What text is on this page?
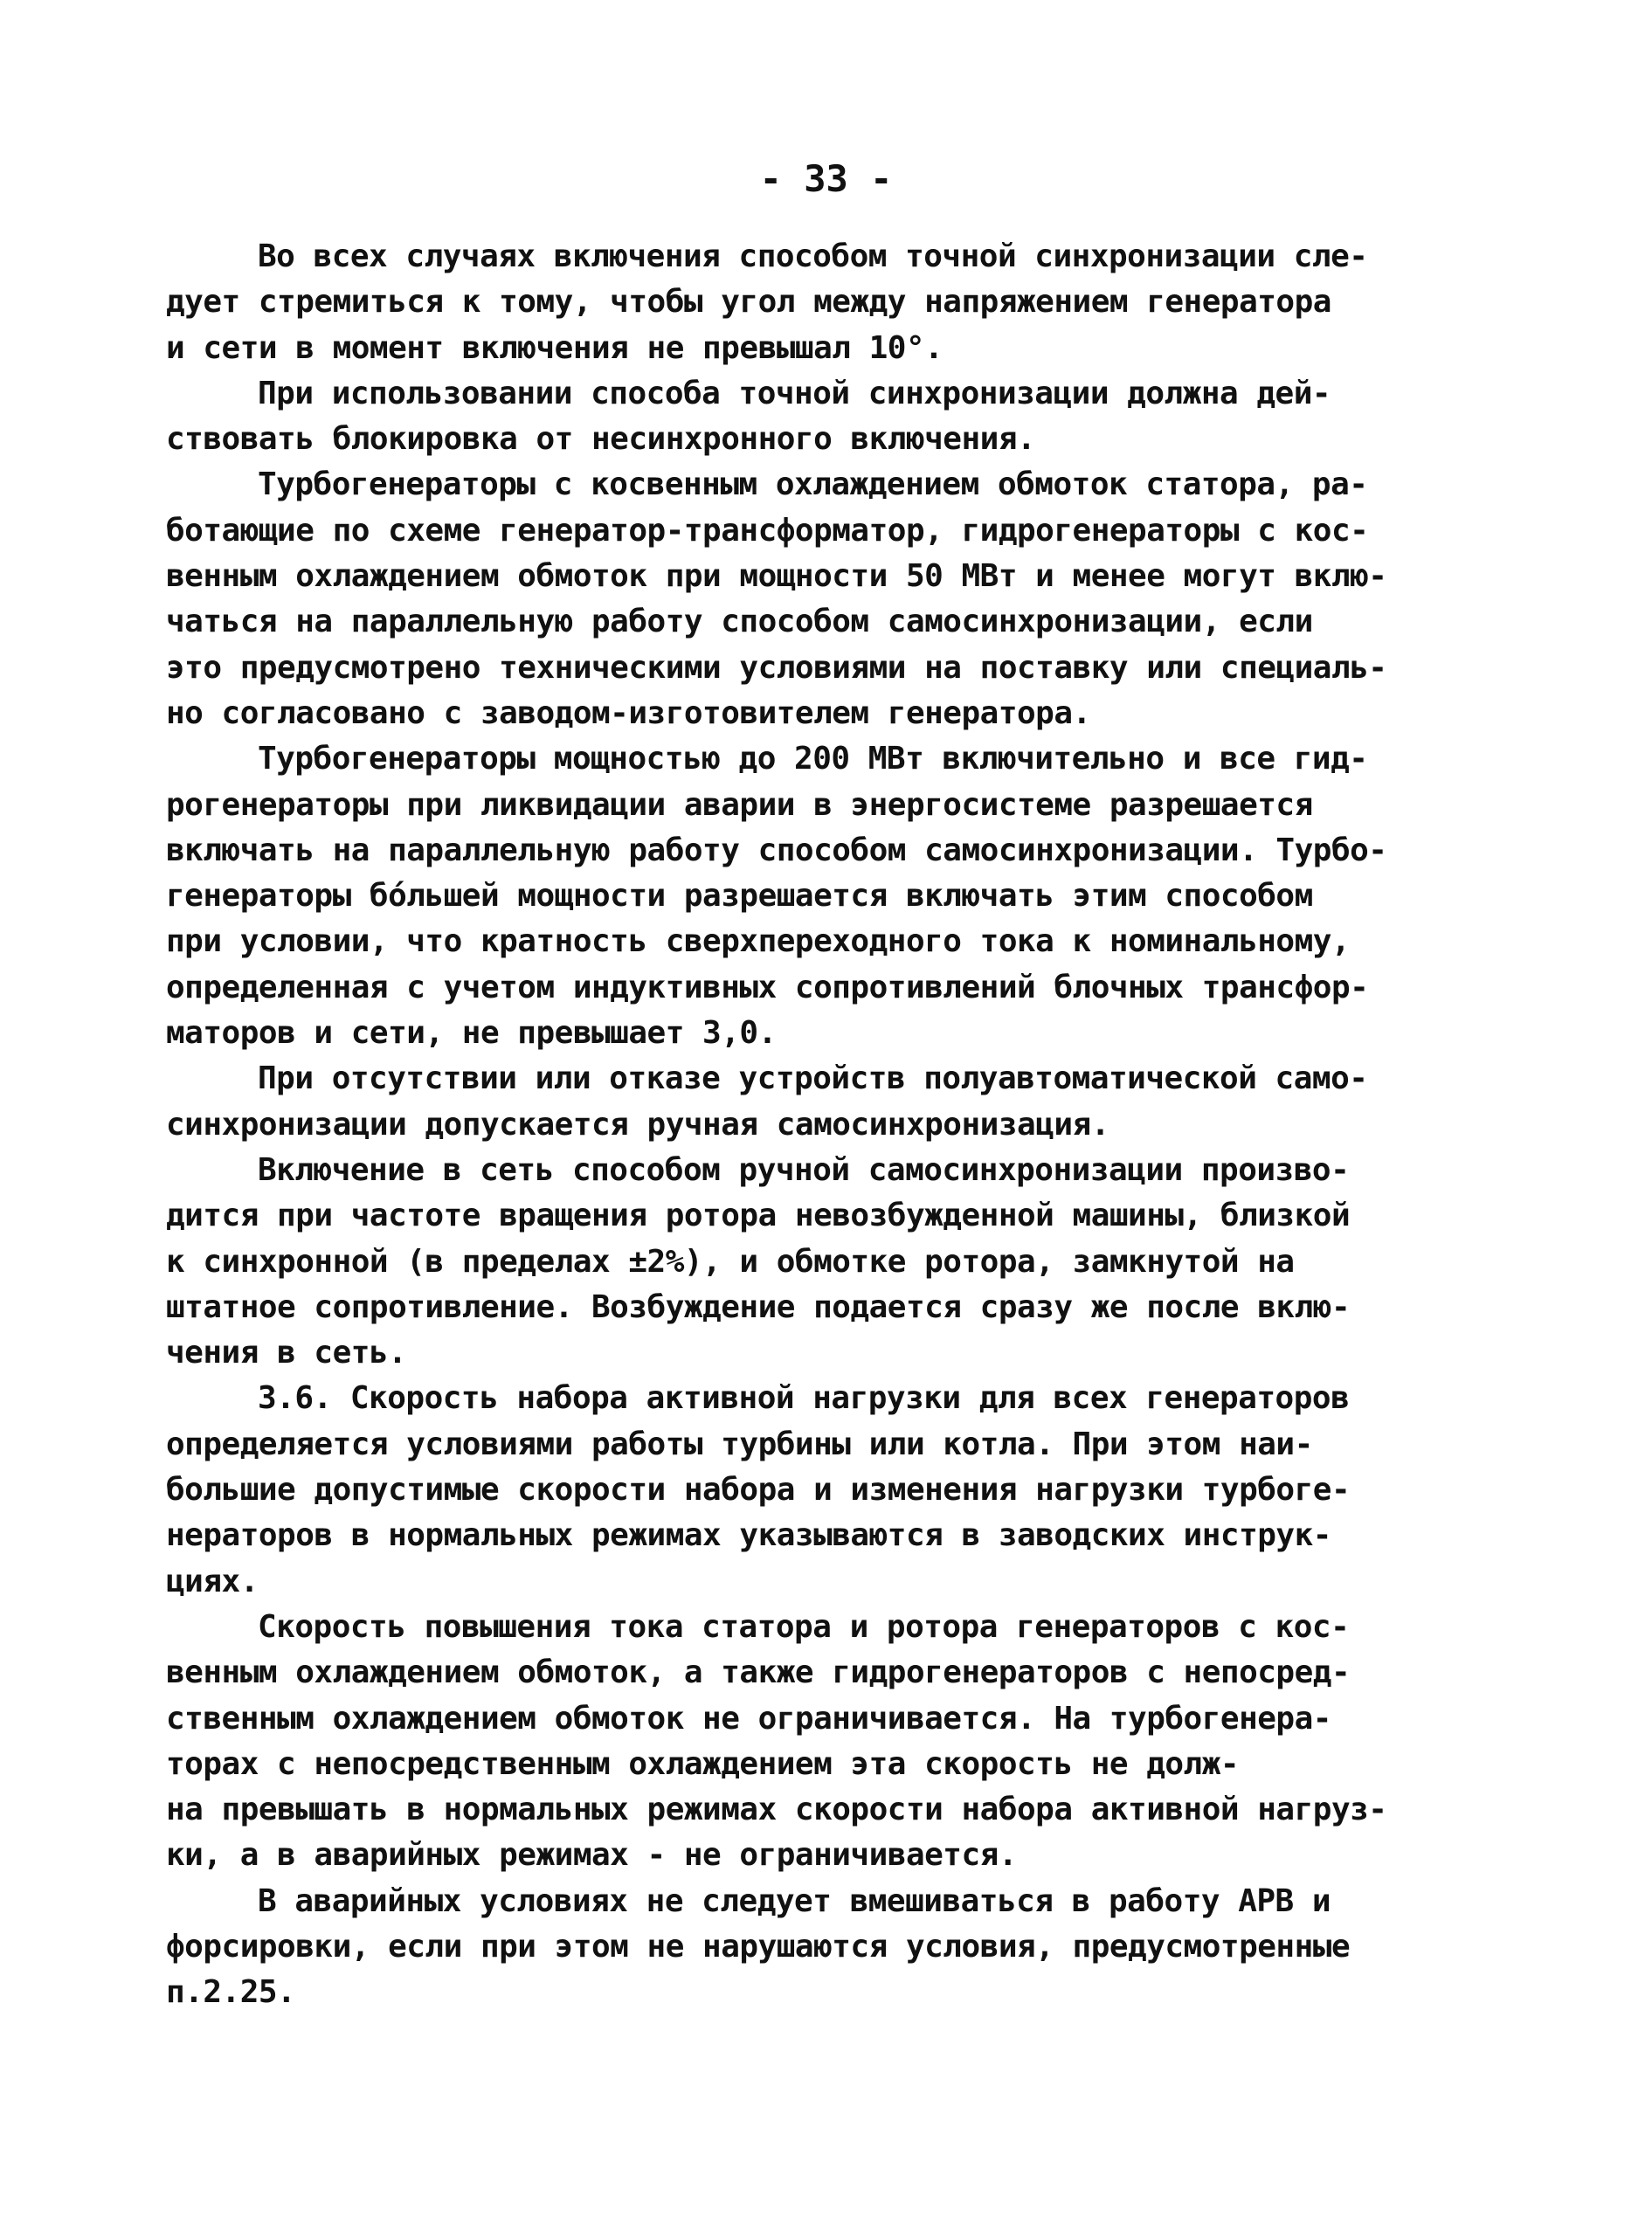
- 33 -
Во всех случаях включения способом точной синхронизации сле-
дует стремиться к тому, чтобы угол между напряжением генератора
и сети в момент включения не превышал 10°.
При использовании способа точной синхронизации должна дей-
ствовать блокировка от несинхронного включения.
Турбогенераторы с косвенным охлаждением обмоток статора, ра-
ботающие по схеме генератор-трансформатор, гидрогенераторы с кос-
венным охлаждением обмоток при мощности 50 МВт и менее могут вклю-
чаться на параллельную работу способом самосинхронизации, если
это предусмотрено техническими условиями на поставку или специаль-
но согласовано с заводом-изготовителем генератора.
Турбогенераторы мощностью до 200 МВт включительно и все гид-
рогенераторы при ликвидации аварии в энергосистеме разрешается
включать на параллельную работу способом самосинхронизации. Турбо-
генераторы бóльшей мощности разрешается включать этим способом
при условии, что кратность сверхпереходного тока к номинальному,
определенная с учетом индуктивных сопротивлений блочных трансфор-
маторов и сети, не превышает 3,0.
При отсутствии или отказе устройств полуавтоматической само-
синхронизации допускается ручная самосинхронизация.
Включение в сеть способом ручной самосинхронизации произво-
дится при частоте вращения ротора невозбужденной машины, близкой
к синхронной (в пределах ±2%), и обмотке ротора, замкнутой на
штатное сопротивление. Возбуждение подается сразу же после вклю-
чения в сеть.
3.6. Скорость набора активной нагрузки для всех генераторов
определяется условиями работы турбины или котла. При этом наи-
большие допустимые скорости набора и изменения нагрузки турбоге-
нераторов в нормальных режимах указываются в заводских инструк-
циях.
Скорость повышения тока статора и ротора генераторов с кос-
венным охлаждением обмоток, а также гидрогенераторов с непосред-
ственным охлаждением обмоток не ограничивается. На турбогенера-
торах с непосредственным охлаждением эта скорость не долж-
на превышать в нормальных режимах скорости набора активной нагруз-
ки, а в аварийных режимах - не ограничивается.
В аварийных условиях не следует вмешиваться в работу АРВ и
форсировки, если при этом не нарушаются условия, предусмотренные
п.2.25.
